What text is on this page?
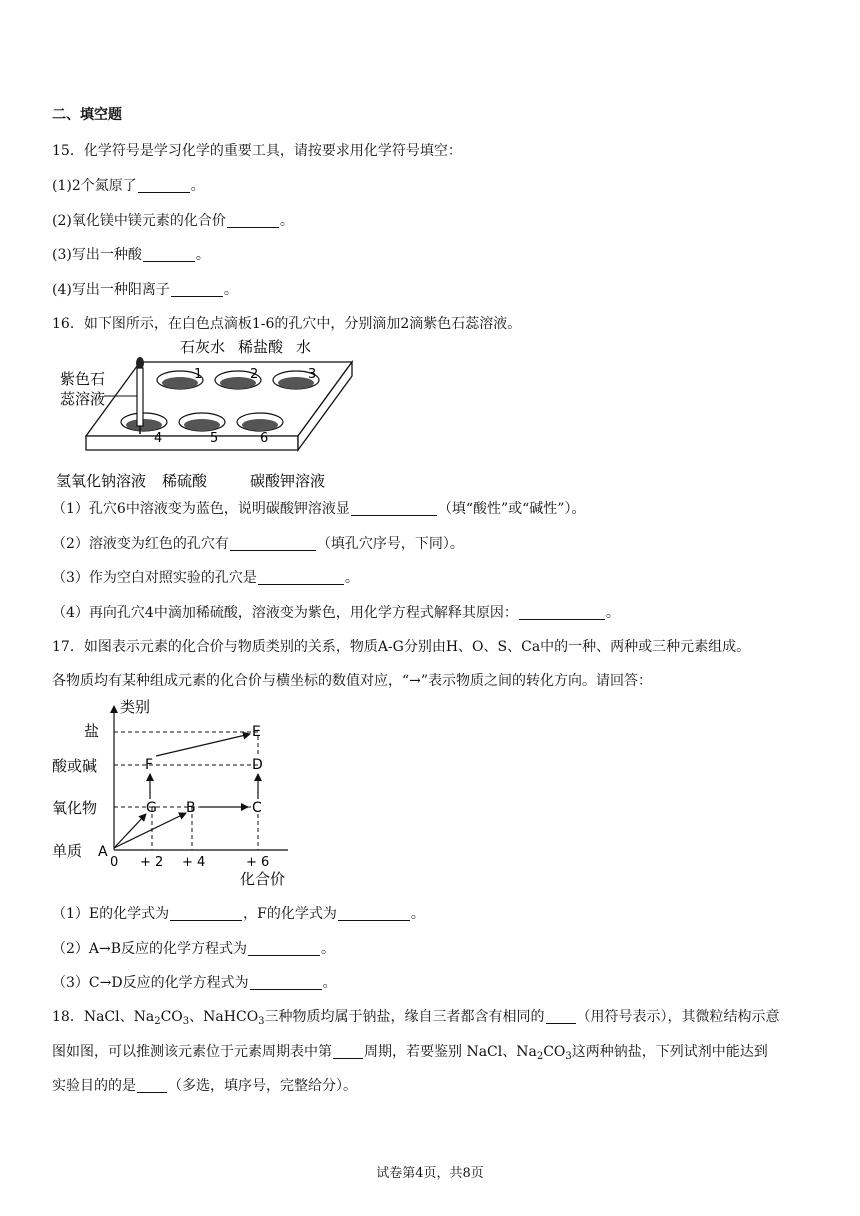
二、填空题
15．化学符号是学习化学的重要工具，请按要求用化学符号填空：
(1)2个氮原了	。
(2)氧化镁中镁元素的化合价	。
(3)写出一种酸	。
(4)写出一种阳离子	。
16．如下图所示，在白色点滴板1-6的孔穴中，分别滴加2滴紫色石蕊溶液。
1	2	3
4	5	6
石灰水 稀盐酸 水
紫色石
蕊溶液
氢氧化钠溶液 稀硫酸	碳酸钾溶液
（1）孔穴6中溶液变为蓝色，说明碳酸钾溶液显	（填“酸性”或“碱性”）。
（2）溶液变为红色的孔穴有	（填孔穴序号，下同）。
（3）作为空白对照实验的孔穴是	。
（4）再向孔穴4中滴加稀硫酸，溶液变为紫色，用化学方程式解释其原因：	。
17．如图表示元素的化合价与物质类别的关系，物质A-G分别由H、O、S、Ca中的一种、两种或三种元素组成。
各物质均有某种组成元素的化合价与横坐标的数值对应，“→”表示物质之间的转化方向。请回答：
类别
化合价
盐
酸或碱
氧化物
单质
0 + 2 + 4	+ 6
A
G B	C
F	D
E
（1）E的化学式为	，F的化学式为	。
（2）A→B反应的化学方程式为	。
（3）C→D反应的化学方程式为	。
18．NaCl、$Na_2CO_3$、NaHCO$_3$三种物质均属于钠盐，缘自三者都含有相同的 （用符号表示），其微粒结构示意
图如图，可以推测该元素位于元素周期表中第 周期，若要鉴别 NaCl、$Na_2CO_3$这两种钠盐，下列试剂中能达到
实验目的的是 （多选，填序号，完整给分）。
试卷第4页，共8页
